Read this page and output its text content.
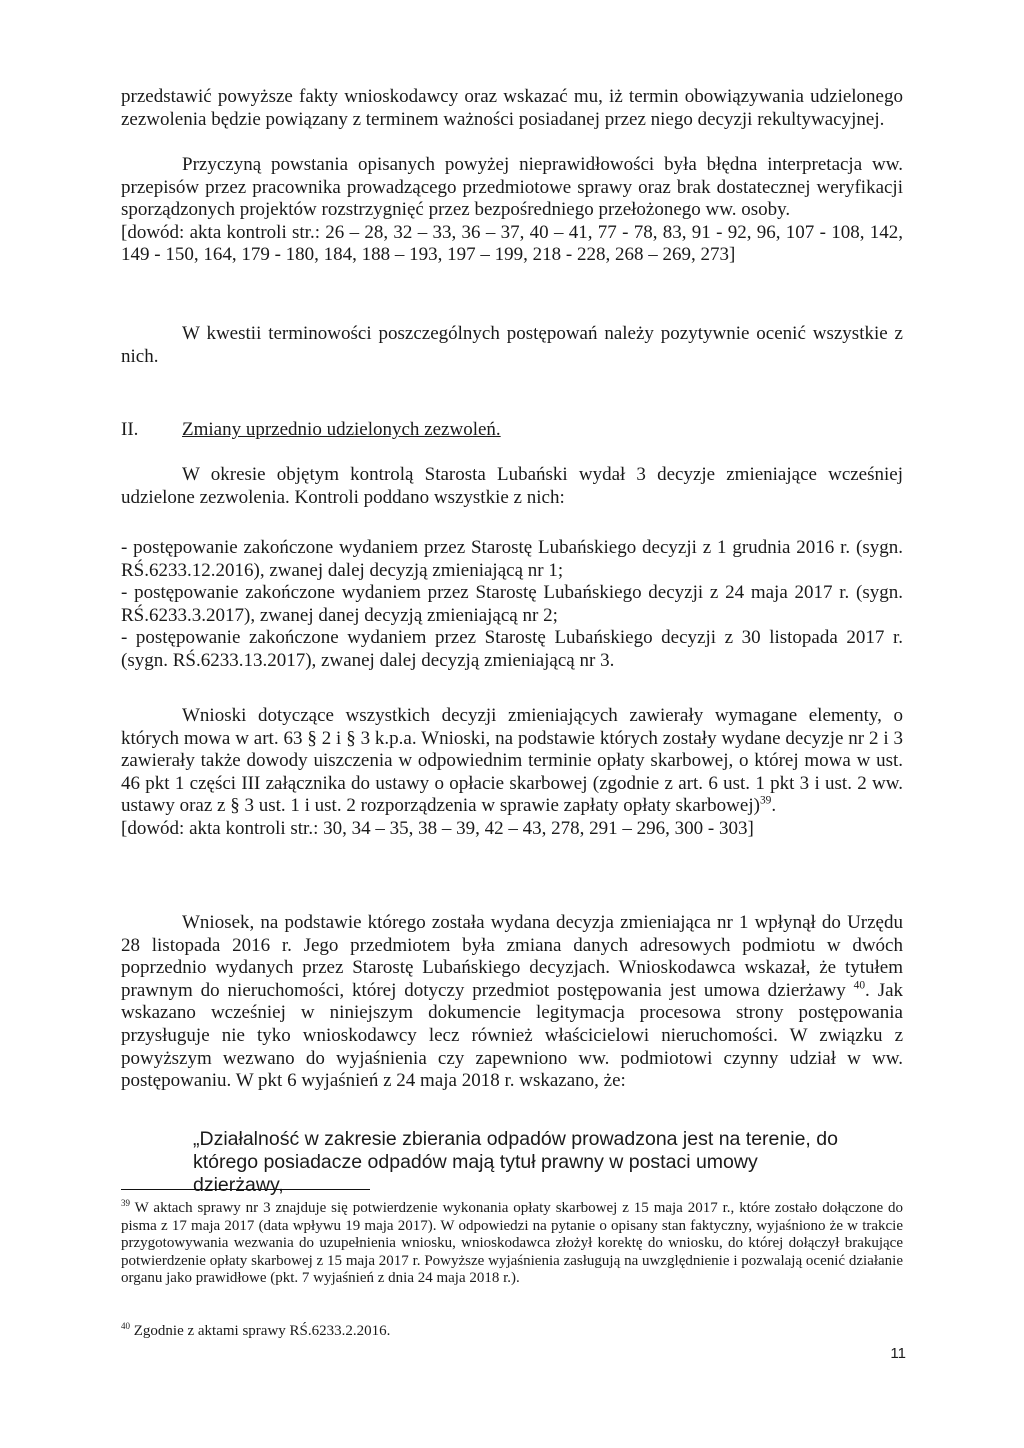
przedstawić powyższe fakty wnioskodawcy oraz wskazać mu, iż termin obowiązywania udzielonego zezwolenia będzie powiązany z terminem ważności posiadanej przez niego decyzji rekultywacyjnej.

Przyczyną powstania opisanych powyżej nieprawidłowości była błędna interpretacja ww. przepisów przez pracownika prowadzącego przedmiotowe sprawy oraz brak dostatecznej weryfikacji sporządzonych projektów rozstrzygnięć przez bezpośredniego przełożonego ww. osoby.
[dowód: akta kontroli str.: 26 – 28, 32 – 33, 36 – 37, 40 – 41, 77 - 78, 83, 91 - 92, 96, 107 - 108, 142, 149 - 150, 164, 179 - 180, 184, 188 – 193, 197 – 199, 218 - 228, 268 – 269, 273]

W kwestii terminowości poszczególnych postępowań należy pozytywnie ocenić wszystkie z nich.

II. Zmiany uprzednio udzielonych zezwoleń.

W okresie objętym kontrolą Starosta Lubański wydał 3 decyzje zmieniające wcześniej udzielone zezwolenia. Kontroli poddano wszystkie z nich:

- postępowanie zakończone wydaniem przez Starostę Lubańskiego decyzji z 1 grudnia 2016 r. (sygn. RŚ.6233.12.2016), zwanej dalej decyzją zmieniającą nr 1;

- postępowanie zakończone wydaniem przez Starostę Lubańskiego decyzji z 24 maja 2017 r. (sygn. RŚ.6233.3.2017), zwanej danej decyzją zmieniającą nr 2;

- postępowanie zakończone wydaniem przez Starostę Lubańskiego decyzji z 30 listopada 2017 r. (sygn. RŚ.6233.13.2017), zwanej dalej decyzją zmieniającą nr 3.

Wnioski dotyczące wszystkich decyzji zmieniających zawierały wymagane elementy, o których mowa w art. 63 § 2 i § 3 k.p.a. Wnioski, na podstawie których zostały wydane decyzje nr 2 i 3 zawierały także dowody uiszczenia w odpowiednim terminie opłaty skarbowej, o której mowa w ust. 46 pkt 1 części III załącznika do ustawy o opłacie skarbowej (zgodnie z art. 6 ust. 1 pkt 3 i ust. 2 ww. ustawy oraz z § 3 ust. 1 i ust. 2 rozporządzenia w sprawie zapłaty opłaty skarbowej)$^{39}$.
[dowód: akta kontroli str.: 30, 34 – 35, 38 – 39, 42 – 43, 278, 291 – 296, 300 - 303]

Wniosek, na podstawie którego została wydana decyzja zmieniająca nr 1 wpłynął do Urzędu 28 listopada 2016 r. Jego przedmiotem była zmiana danych adresowych podmiotu w dwóch poprzednio wydanych przez Starostę Lubańskiego decyzjach. Wnioskodawca wskazał, że tytułem prawnym do nieruchomości, której dotyczy przedmiot postępowania jest umowa dzierżawy $^{40}$. Jak wskazano wcześniej w niniejszym dokumencie legitymacja procesowa strony postępowania przysługuje nie tyko wnioskodawcy lecz również właścicielowi nieruchomości. W związku z powyższym wezwano do wyjaśnienia czy zapewniono ww. podmiotowi czynny udział w ww. postępowaniu. W pkt 6 wyjaśnień z 24 maja 2018 r. wskazano, że:

„Działalność w zakresie zbierania odpadów prowadzona jest na terenie, do którego posiadacze odpadów mają tytuł prawny w postaci umowy dzierżawy,

$^{39}$ W aktach sprawy nr 3 znajduje się potwierdzenie wykonania opłaty skarbowej z 15 maja 2017 r., które zostało dołączone do pisma z 17 maja 2017 (data wpływu 19 maja 2017). W odpowiedzi na pytanie o opisany stan faktyczny, wyjaśniono że w trakcie przygotowywania wezwania do uzupełnienia wniosku, wnioskodawca złożył korektę do wniosku, do której dołączył brakujące potwierdzenie opłaty skarbowej z 15 maja 2017 r. Powyższe wyjaśnienia zasługują na uwzględnienie i pozwalają ocenić działanie organu jako prawidłowe (pkt. 7 wyjaśnień z dnia 24 maja 2018 r.).

$^{40}$ Zgodnie z aktami sprawy RŚ.6233.2.2016.

11
